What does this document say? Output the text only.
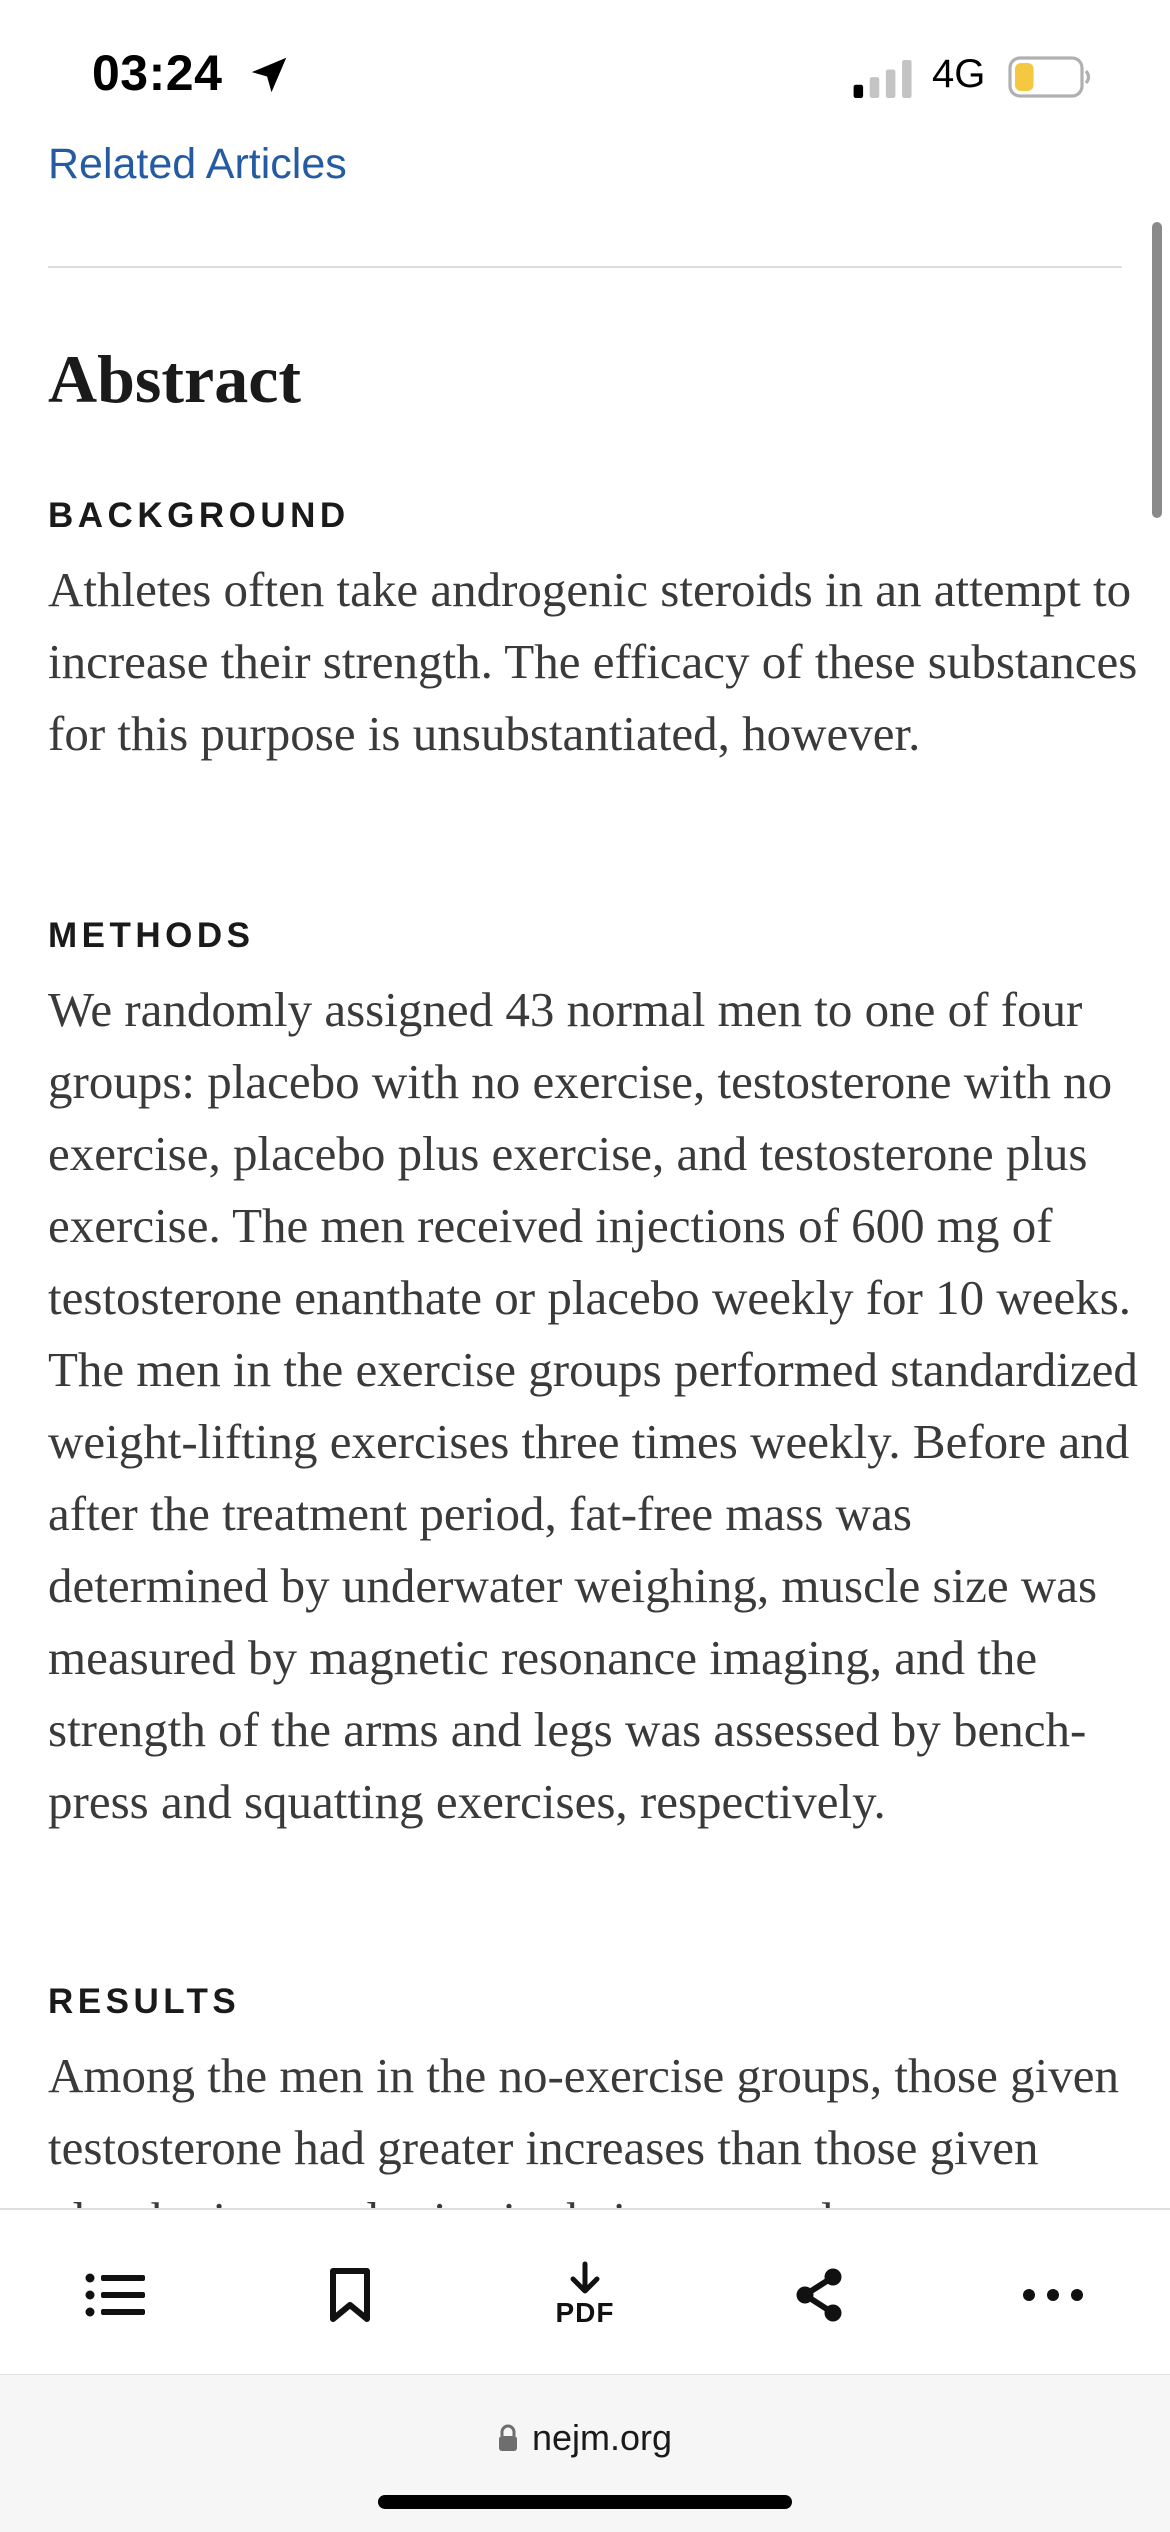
03:24	4G
Related Articles
Abstract
BACKGROUND

Athletes often take androgenic steroids in an attempt to increase their strength. The efficacy of these substances for this purpose is unsubstantiated, however.

METHODS

We randomly assigned 43 normal men to one of four groups: placebo with no exercise, testosterone with no exercise, placebo plus exercise, and testosterone plus exercise. The men received injections of 600 mg of testosterone enanthate or placebo weekly for 10 weeks. The men in the exercise groups performed standardized weight-lifting exercises three times weekly. Before and after the treatment period, fat-free mass was determined by underwater weighing, muscle size was measured by magnetic resonance imaging, and the strength of the arms and legs was assessed by bench-press and squatting exercises, respectively.

RESULTS

Among the men in the no-exercise groups, those given testosterone had greater increases than those given

PDF
nejm.org
